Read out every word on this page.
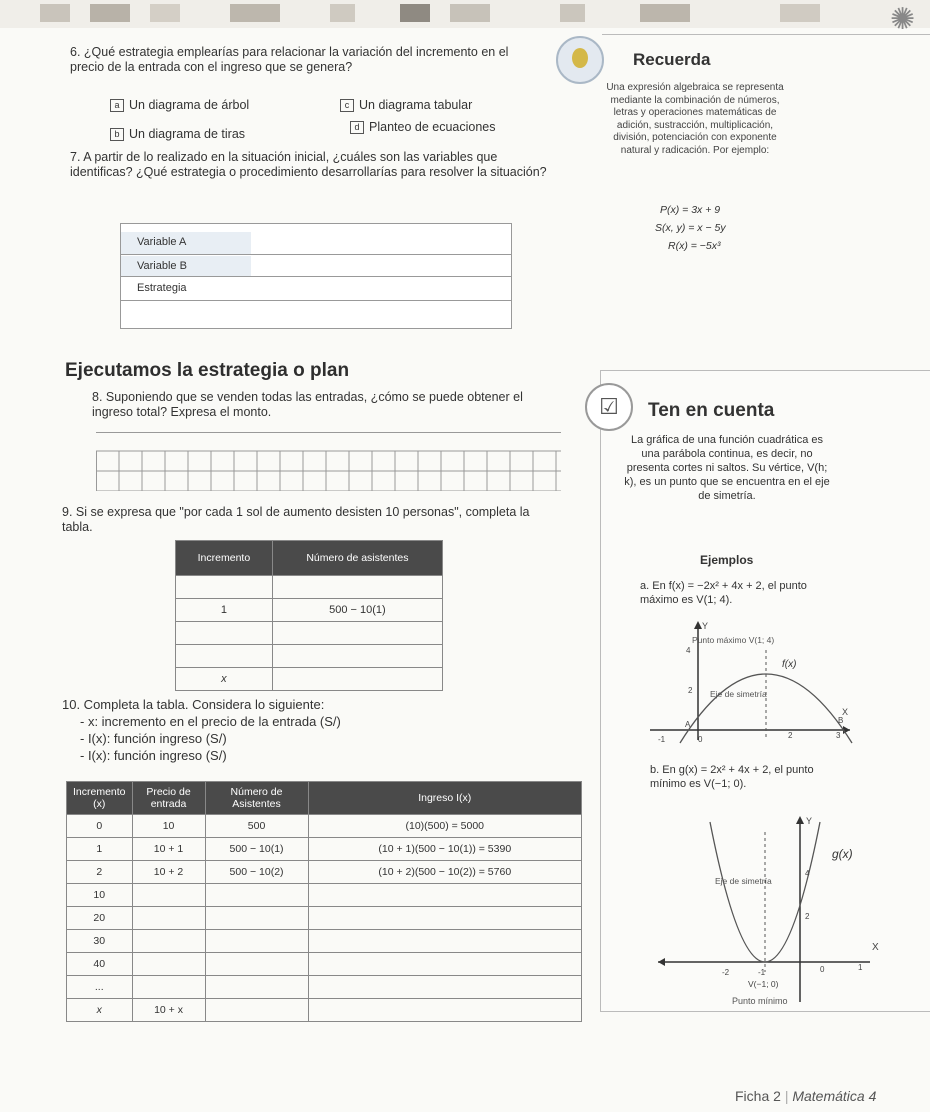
✺
6. ¿Qué estrategia emplearías para relacionar la variación del incremento en el precio de la entrada con el ingreso que se genera?
a Un diagrama de árbol
b Un diagrama de tiras
c Un diagrama tabular
d Planteo de ecuaciones
7. A partir de lo realizado en la situación inicial, ¿cuáles son las variables que identificas? ¿Qué estrategia o procedimiento desarrollarías para resolver la situación?
Variable A
Variable B
Estrategia
Recuerda
Una expresión algebraica se representa mediante la combinación de números, letras y operaciones matemáticas de adición, sustracción, multiplicación, división, potenciación con exponente natural y radicación. Por ejemplo:
P(x) = 3x + 9
S(x, y) = x − 5y
R(x) = −5x³
Ejecutamos la estrategia o plan
8. Suponiendo que se venden todas las entradas, ¿cómo se puede obtener el ingreso total? Expresa el monto.
9. Si se expresa que "por cada 1 sol de aumento desisten 10 personas", completa la tabla.
Incremento	Número de asistentes

1	500 − 10(1)

x	
10. Completa la tabla. Considera lo siguiente:
- x: incremento en el precio de la entrada (S/)
- I(x): función ingreso (S/)
- I(x): función ingreso (S/)
Incremento (x)	Precio de entrada	Número de Asistentes	Ingreso I(x)
0	10	500	(10)(500) = 5000
1	10 + 1	500 − 10(1)	(10 + 1)(500 − 10(1)) = 5390
2	10 + 2	500 − 10(2)	(10 + 2)(500 − 10(2)) = 5760
10			
20			
30			
40			
...			
x	10 + x		
☑	Ten en cuenta
La gráfica de una función cuadrática es una parábola continua, es decir, no presenta cortes ni saltos. Su vértice, V(h; k), es un punto que se encuentra en el eje de simetría.
Ejemplos
a. En f(x) = −2x² + 4x + 2, el punto máximo es V(1; 4).
Y
Punto máximo V(1; 4)
f(x)
Eje de simetría
X
A	B
-1	0	2	3
4
2
b. En g(x) = 2x² + 4x + 2, el punto mínimo es V(−1; 0).
Y
g(x)
Eje de simetría
X
4
2
-2	-1	0	1
V(−1; 0)
Punto mínimo
Ficha 2 | Matemática 4
